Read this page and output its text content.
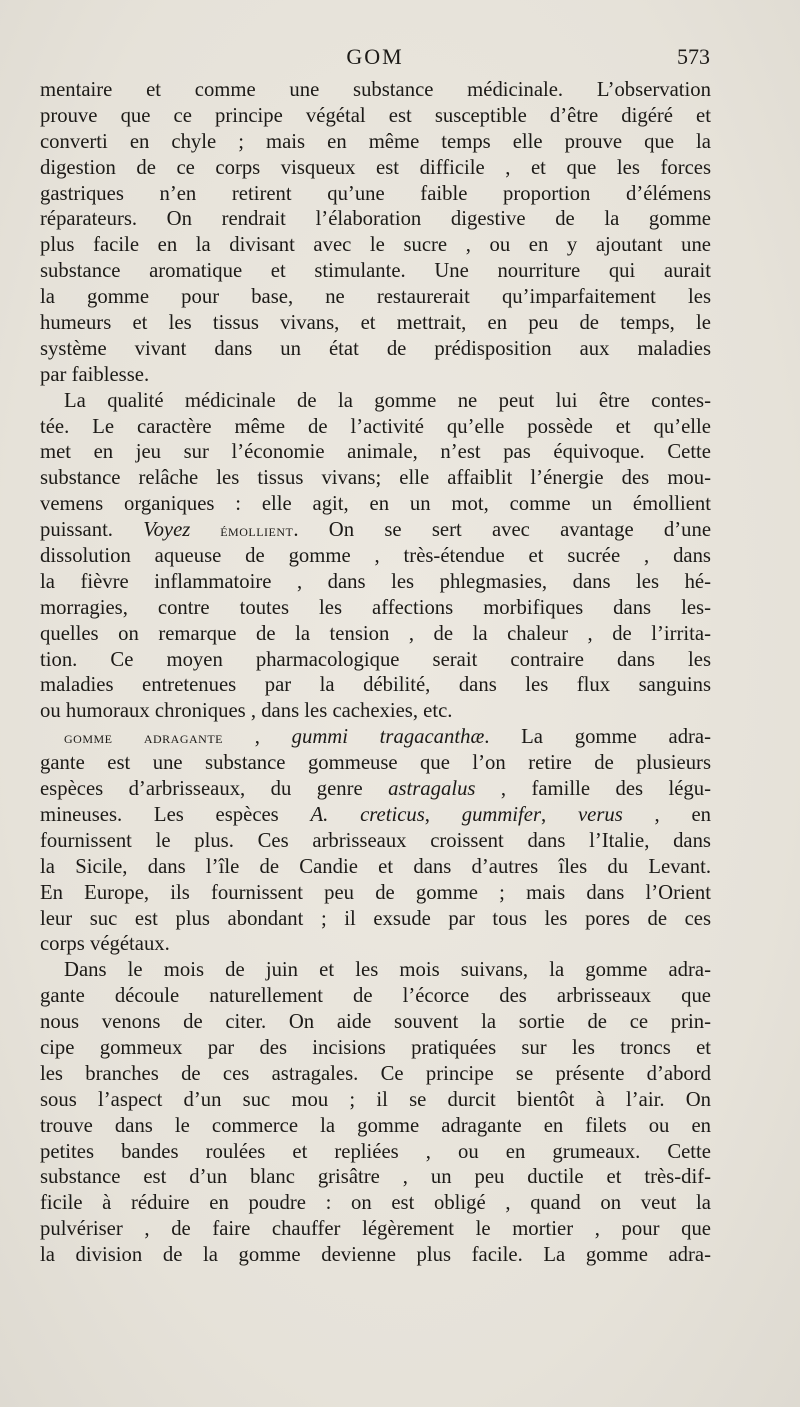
GOM	573
mentaire et comme une substance médicinale. L’observation
prouve que ce principe végétal est susceptible d’être digéré et
converti en chyle ; mais en même temps elle prouve que la
digestion de ce corps visqueux est difficile , et que les forces
gastriques n’en retirent qu’une faible proportion d’élémens
réparateurs. On rendrait l’élaboration digestive de la gomme
plus facile en la divisant avec le sucre , ou en y ajoutant une
substance aromatique et stimulante. Une nourriture qui aurait
la gomme pour base, ne restaurerait qu’imparfaitement les
humeurs et les tissus vivans, et mettrait, en peu de temps, le
système vivant dans un état de prédisposition aux maladies
par faiblesse.
La qualité médicinale de la gomme ne peut lui être contes-
tée. Le caractère même de l’activité qu’elle possède et qu’elle
met en jeu sur l’économie animale, n’est pas équivoque. Cette
substance relâche les tissus vivans; elle affaiblit l’énergie des mou-
vemens organiques : elle agit, en un mot, comme un émollient
puissant. Voyez émollient. On se sert avec avantage d’une
dissolution aqueuse de gomme , très-étendue et sucrée , dans
la fièvre inflammatoire , dans les phlegmasies, dans les hé-
morragies, contre toutes les affections morbifiques dans les-
quelles on remarque de la tension , de la chaleur , de l’irrita-
tion. Ce moyen pharmacologique serait contraire dans les
maladies entretenues par la débilité, dans les flux sanguins
ou humoraux chroniques , dans les cachexies, etc.
gomme adragante , gummi tragacanthæ. La gomme adra-
gante est une substance gommeuse que l’on retire de plusieurs
espèces d’arbrisseaux, du genre astragalus , famille des légu-
mineuses. Les espèces A. creticus, gummifer, verus , en
fournissent le plus. Ces arbrisseaux croissent dans l’Italie, dans
la Sicile, dans l’île de Candie et dans d’autres îles du Levant.
En Europe, ils fournissent peu de gomme ; mais dans l’Orient
leur suc est plus abondant ; il exsude par tous les pores de ces
corps végétaux.
Dans le mois de juin et les mois suivans, la gomme adra-
gante découle naturellement de l’écorce des arbrisseaux que
nous venons de citer. On aide souvent la sortie de ce prin-
cipe gommeux par des incisions pratiquées sur les troncs et
les branches de ces astragales. Ce principe se présente d’abord
sous l’aspect d’un suc mou ; il se durcit bientôt à l’air. On
trouve dans le commerce la gomme adragante en filets ou en
petites bandes roulées et repliées , ou en grumeaux. Cette
substance est d’un blanc grisâtre , un peu ductile et très-dif-
ficile à réduire en poudre : on est obligé , quand on veut la
pulvériser , de faire chauffer légèrement le mortier , pour que
la division de la gomme devienne plus facile. La gomme adra-
